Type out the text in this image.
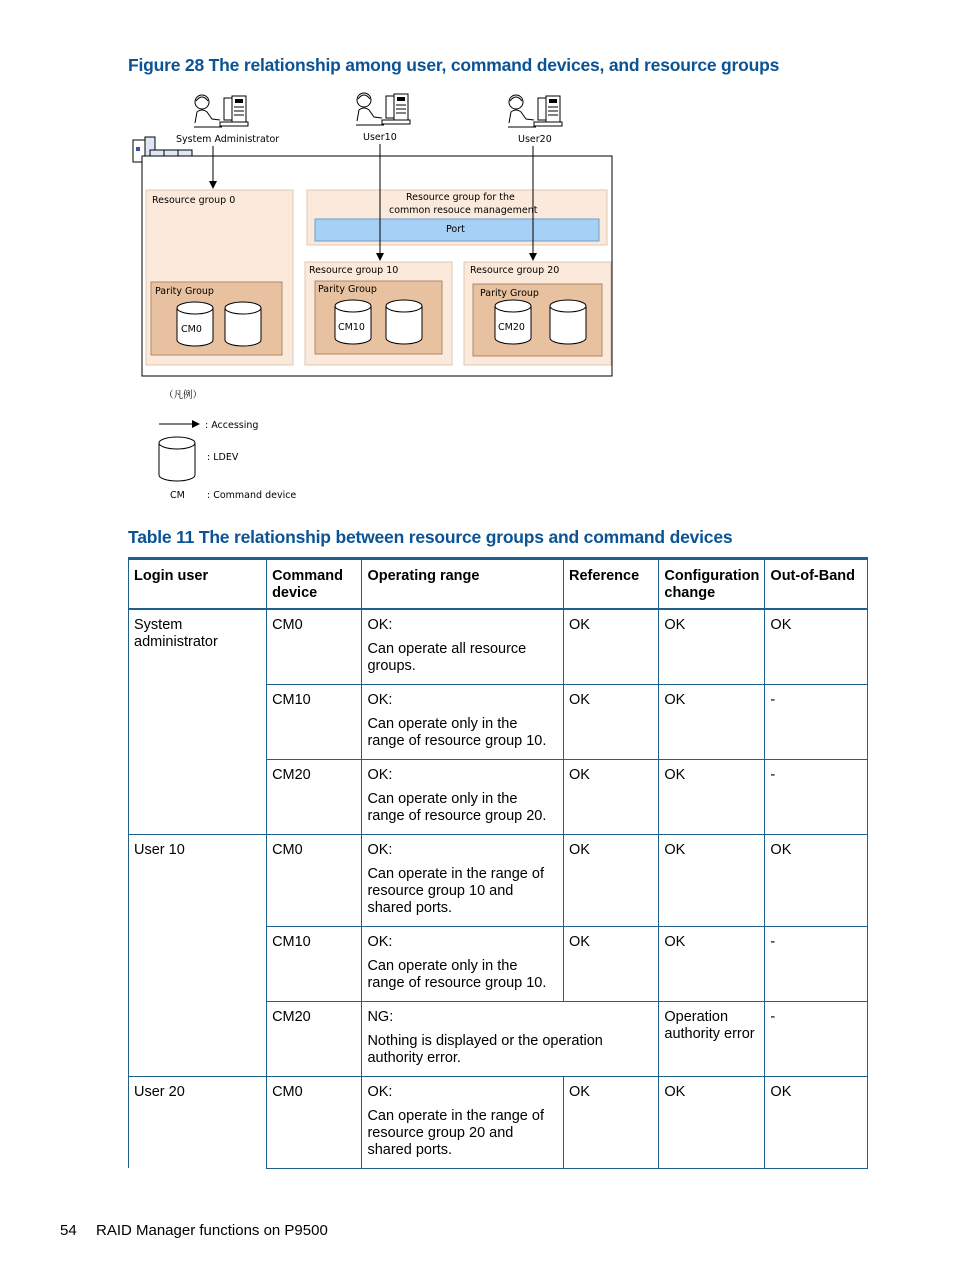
Figure 28 The relationship among user, command devices, and resource groups
System Administrator	User10	User20
Resource group 0
Parity Group
CM0
Resource group for the
common resouce management
Port
Resource group 10
Parity Group
CM10
Resource group 20
Parity Group
CM20
（凡例）
: Accessing
: LDEV
CM : Command device
Table 11 The relationship between resource groups and command devices
Login user	Command device	Operating range	Reference	Configuration change	Out-of-Band
System administrator	CM0	OK:
Can operate all resource groups.	OK	OK	OK
	CM10	OK:
Can operate only in the range of resource group 10.	OK	OK	-
	CM20	OK:
Can operate only in the range of resource group 20.	OK	OK	-
User 10	CM0	OK:
Can operate in the range of resource group 10 and shared ports.	OK	OK	OK
	CM10	OK:
Can operate only in the range of resource group 10.	OK	OK	-
	CM20	NG:
Nothing is displayed or the operation authority error.		Operation authority error	-
User 20	CM0	OK:
Can operate in the range of resource group 20 and shared ports.	OK	OK	OK
54 RAID Manager functions on P9500
